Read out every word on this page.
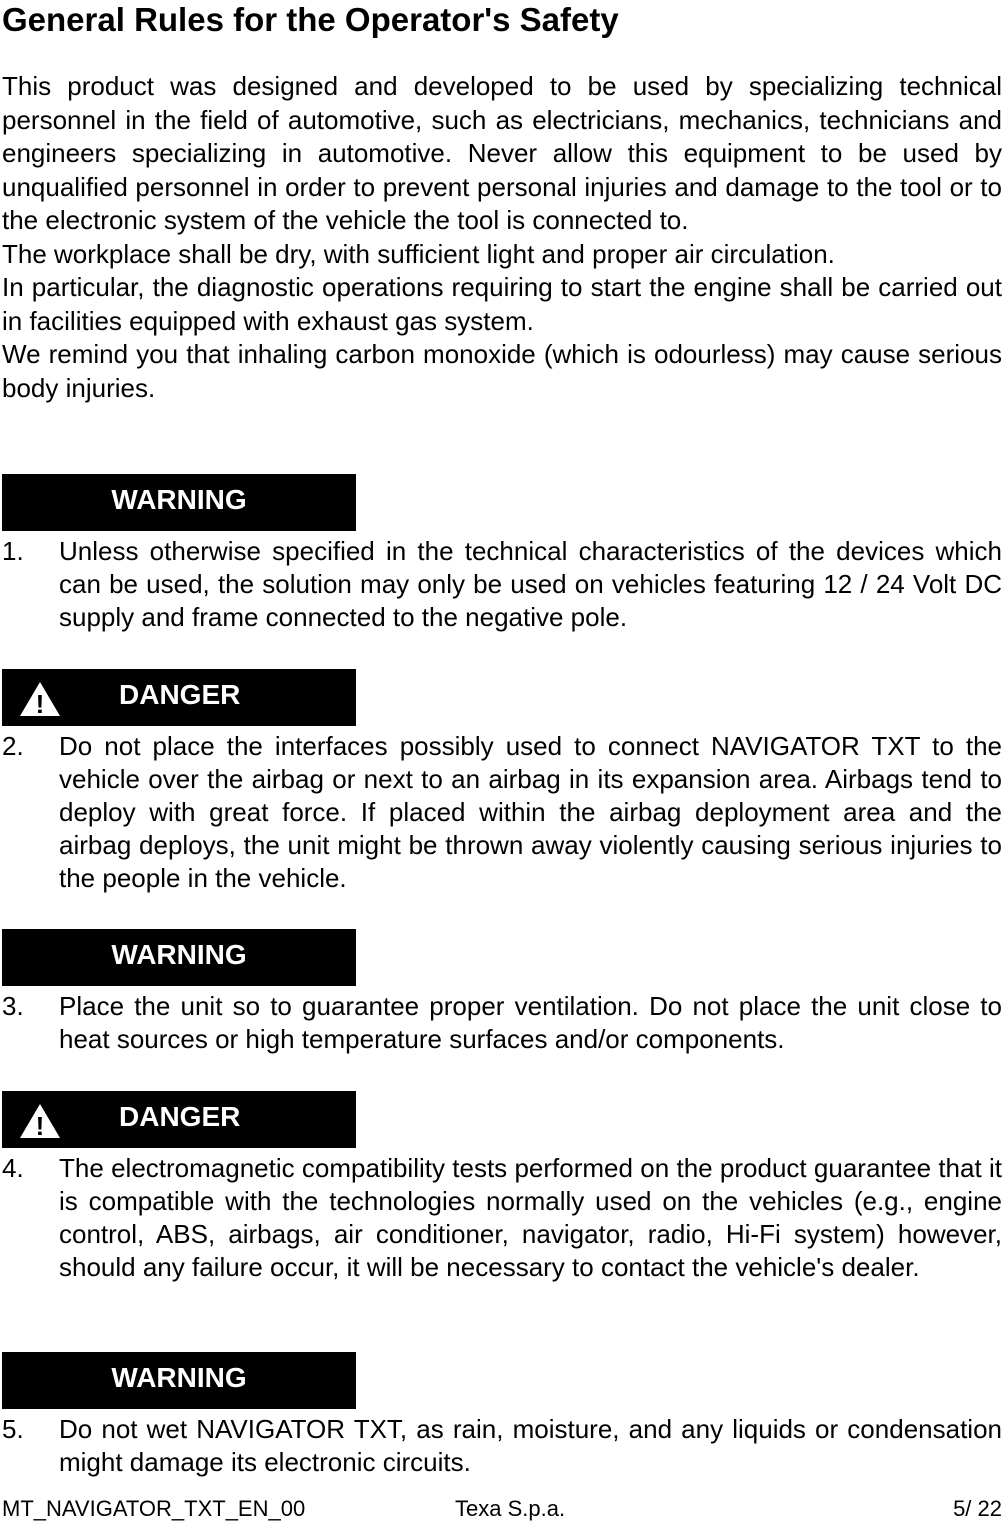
General Rules for the Operator's Safety

This product was designed and developed to be used by specializing technical personnel in the field of automotive, such as electricians, mechanics, technicians and engineers specializing in automotive. Never allow this equipment to be used by unqualified personnel in order to prevent personal injuries and damage to the tool or to the electronic system of the vehicle the tool is connected to.

The workplace shall be dry, with sufficient light and proper air circulation.

In particular, the diagnostic operations requiring to start the engine shall be carried out in facilities equipped with exhaust gas system.

We remind you that inhaling carbon monoxide (which is odourless) may cause serious body injuries.

WARNING
1. Unless otherwise specified in the technical characteristics of the devices which can be used, the solution may only be used on vehicles featuring 12 / 24 Volt DC supply and frame connected to the negative pole.
!	DANGER
2. Do not place the interfaces possibly used to connect NAVIGATOR TXT to the vehicle over the airbag or next to an airbag in its expansion area. Airbags tend to deploy with great force. If placed within the airbag deployment area and the airbag deploys, the unit might be thrown away violently causing serious injuries to the people in the vehicle.
WARNING
3. Place the unit so to guarantee proper ventilation. Do not place the unit close to heat sources or high temperature surfaces and/or components.
!	DANGER
4. The electromagnetic compatibility tests performed on the product guarantee that it is compatible with the technologies normally used on the vehicles (e.g., engine control, ABS, airbags, air conditioner, navigator, radio, Hi-Fi system) however, should any failure occur, it will be necessary to contact the vehicle's dealer.
WARNING
5. Do not wet NAVIGATOR TXT, as rain, moisture, and any liquids or condensation might damage its electronic circuits.
MT_NAVIGATOR_TXT_EN_00	Texa S.p.a.	5/ 22
